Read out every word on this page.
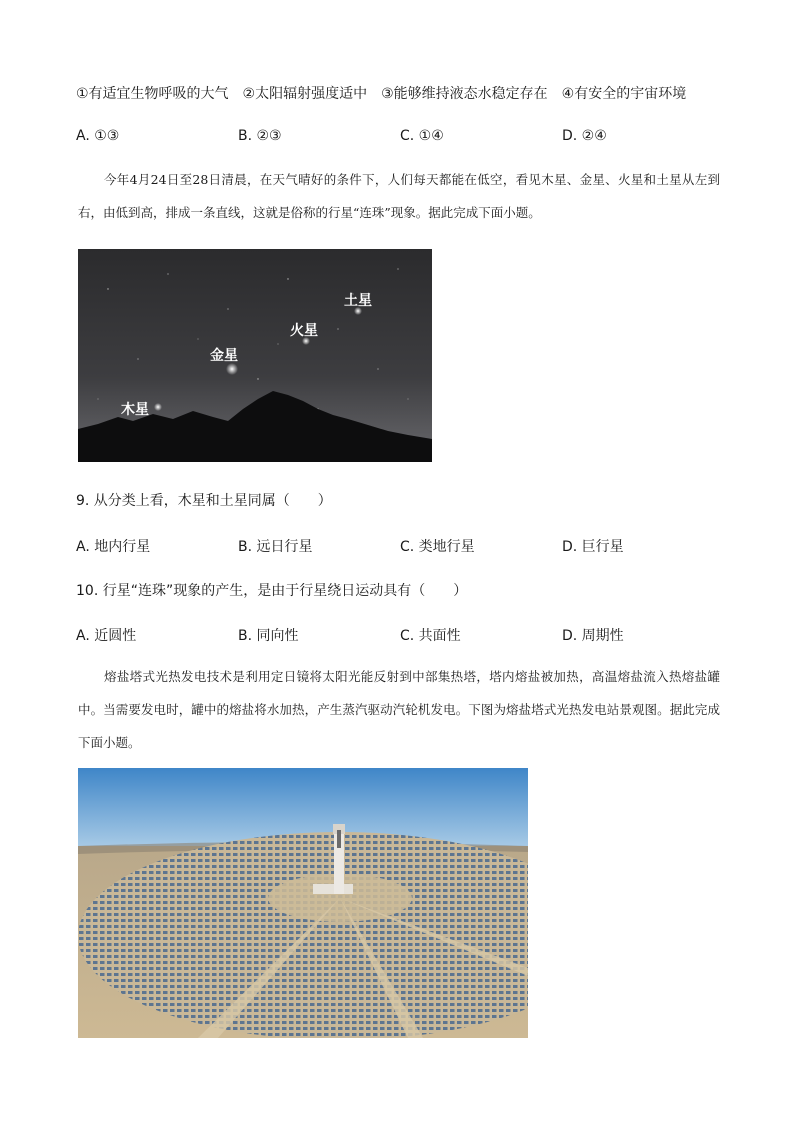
①有适宜生物呼吸的大气　②太阳辐射强度适中　③能够维持液态水稳定存在　④有安全的宇宙环境
A. ①③	B. ②③	C. ①④	D. ②④
今年4月24日至28日清晨，在天气晴好的条件下，人们每天都能在低空，看见木星、金星、火星和土星从左到右，由低到高，排成一条直线，这就是俗称的行星“连珠”现象。据此完成下面小题。
土星
火星
金星
木星
9. 从分类上看，木星和土星同属（　　）
A. 地内行星	B. 远日行星	C. 类地行星	D. 巨行星
10. 行星“连珠”现象的产生，是由于行星绕日运动具有（　　）
A. 近圆性	B. 同向性	C. 共面性	D. 周期性
熔盐塔式光热发电技术是利用定日镜将太阳光能反射到中部集热塔，塔内熔盐被加热，高温熔盐流入热熔盐罐中。当需要发电时，罐中的熔盐将水加热，产生蒸汽驱动汽轮机发电。下图为熔盐塔式光热发电站景观图。据此完成下面小题。
